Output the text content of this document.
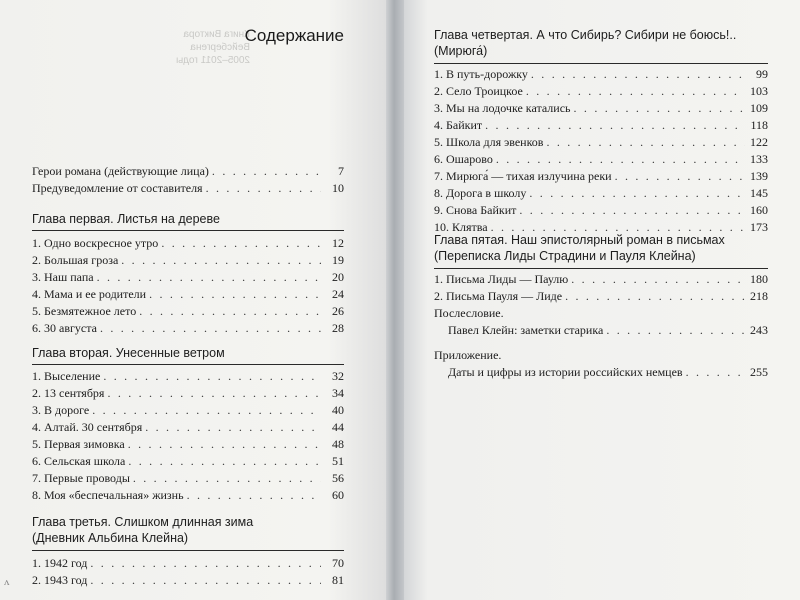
Книга Виктора Вейсбергена 2005–2011 годы
Содержание
Герои романа (действующие лица) . . .	7
Предуведомление от составителя . . .	10
Глава первая. Листья на дереве
1. Одно воскресное утро . . .	12
2. Большая гроза . . .	19
3. Наш папа . . .	20
4. Мама и ее родители . . .	24
5. Безмятежное лето . . .	26
6. 30 августа . . .	28
Глава вторая. Унесенные ветром
1. Выселение . . .	32
2. 13 сентября . . .	34
3. В дороге . . .	40
4. Алтай. 30 сентября . . .	44
5. Первая зимовка . . .	48
6. Сельская школа . . .	51
7. Первые проводы . . .	56
8. Моя «беспечальная» жизнь . . .	60
Глава третья. Слишком длинная зима
(Дневник Альбина Клейна)
1. 1942 год . . .	70
2. 1943 год . . .	81
ʌ
Глава четвертая. А что Сибирь? Сибири не боюсь!..
(Мирюга́)
1. В путь-дорожку . . .	99
2. Село Троицкое . . .	103
3. Мы на лодочке катались . . .	109
4. Байкит . . .	118
5. Школа для эвенков . . .	122
6. Ошарово . . .	133
7. Мирюга́ — тихая излучина реки . . .	139
8. Дорога в школу . . .	145
9. Снова Байкит . . .	160
10. Клятва . . .	173
Глава пятая. Наш эпистолярный роман в письмах
(Переписка Лиды Страдини и Пауля Клейна)
1. Письма Лиды — Паулю . . .	180
2. Письма Пауля — Лиде . . .	218
Послесловие.
Павел Клейн: заметки старика . . .	243
Приложение.
Даты и цифры из истории российских немцев . . .	255
